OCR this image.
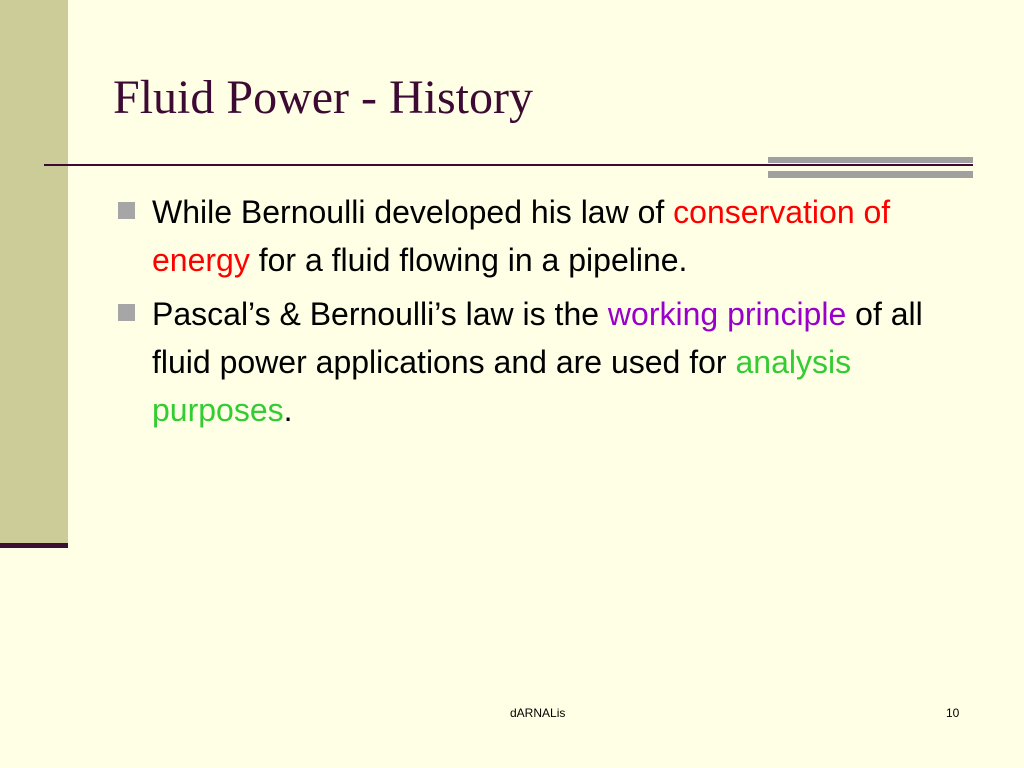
Fluid Power - History
While Bernoulli developed his law of conservation of energy for a fluid flowing in a pipeline.
Pascal’s & Bernoulli’s law is the working principle of all fluid power applications and are used for analysis purposes.
dARNALis	10
